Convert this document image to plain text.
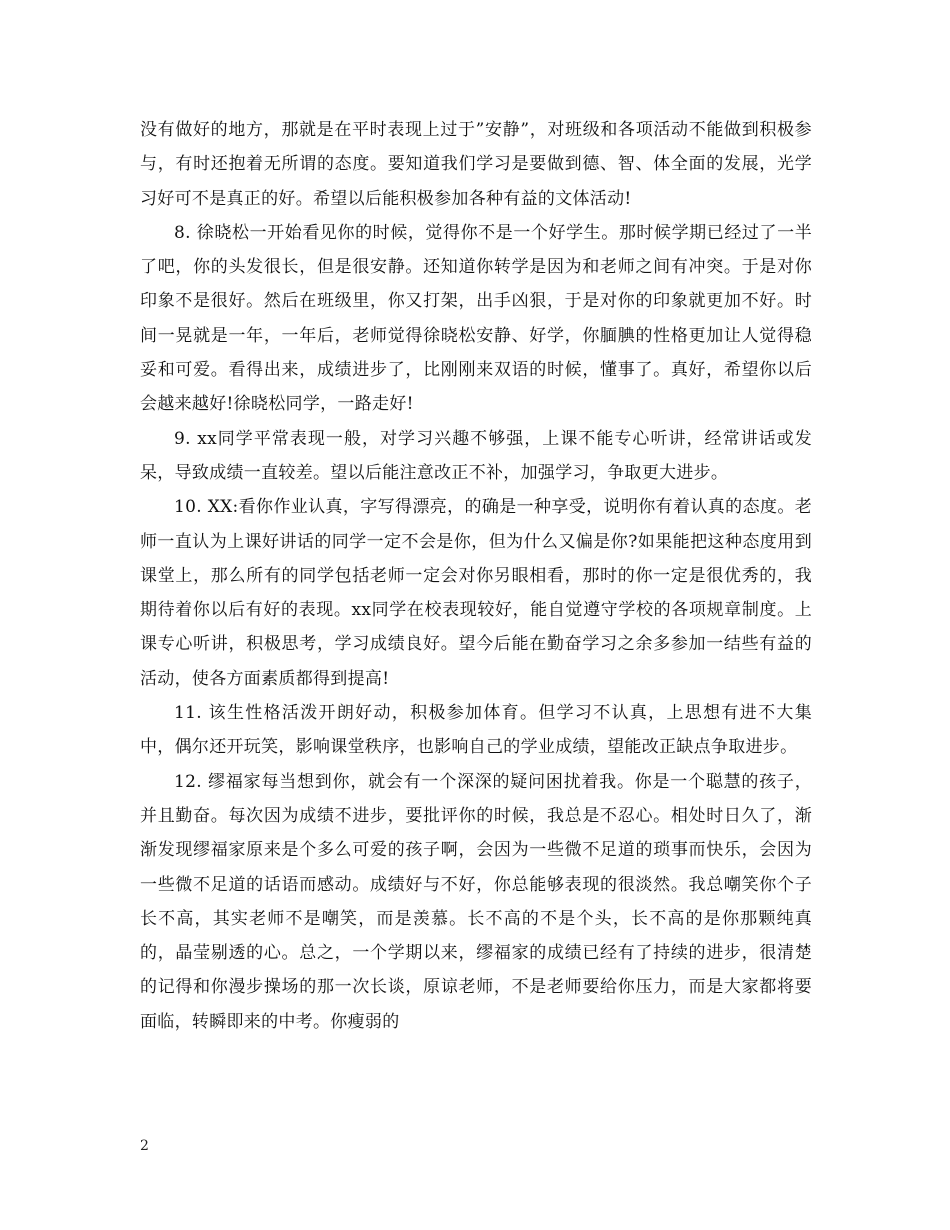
没有做好的地方，那就是在平时表现上过于”安静”，对班级和各项活动不能做到积极参与，有时还抱着无所谓的态度。要知道我们学习是要做到德、智、体全面的发展，光学习好可不是真正的好。希望以后能积极参加各种有益的文体活动!

8. 徐晓松一开始看见你的时候，觉得你不是一个好学生。那时候学期已经过了一半了吧，你的头发很长，但是很安静。还知道你转学是因为和老师之间有冲突。于是对你印象不是很好。然后在班级里，你又打架，出手凶狠，于是对你的印象就更加不好。时间一晃就是一年，一年后，老师觉得徐晓松安静、好学，你腼腆的性格更加让人觉得稳妥和可爱。看得出来，成绩进步了，比刚刚来双语的时候，懂事了。真好，希望你以后会越来越好!徐晓松同学，一路走好!

9. xx同学平常表现一般，对学习兴趣不够强，上课不能专心听讲，经常讲话或发呆，导致成绩一直较差。望以后能注意改正不补，加强学习，争取更大进步。

10. XX:看你作业认真，字写得漂亮，的确是一种享受，说明你有着认真的态度。老师一直认为上课好讲话的同学一定不会是你，但为什么又偏是你?如果能把这种态度用到课堂上，那么所有的同学包括老师一定会对你另眼相看，那时的你一定是很优秀的，我期待着你以后有好的表现。xx同学在校表现较好，能自觉遵守学校的各项规章制度。上课专心听讲，积极思考，学习成绩良好。望今后能在勤奋学习之余多参加一结些有益的活动，使各方面素质都得到提高!

11. 该生性格活泼开朗好动，积极参加体育。但学习不认真，上思想有进不大集中，偶尔还开玩笑，影响课堂秩序，也影响自己的学业成绩，望能改正缺点争取进步。

12. 缪福家每当想到你，就会有一个深深的疑问困扰着我。你是一个聪慧的孩子，并且勤奋。每次因为成绩不进步，要批评你的时候，我总是不忍心。相处时日久了，渐渐发现缪福家原来是个多么可爱的孩子啊，会因为一些微不足道的琐事而快乐，会因为一些微不足道的话语而感动。成绩好与不好，你总能够表现的很淡然。我总嘲笑你个子长不高，其实老师不是嘲笑，而是羡慕。长不高的不是个头，长不高的是你那颗纯真的，晶莹剔透的心。总之，一个学期以来，缪福家的成绩已经有了持续的进步，很清楚的记得和你漫步操场的那一次长谈，原谅老师，不是老师要给你压力，而是大家都将要面临，转瞬即来的中考。你瘦弱的

2
